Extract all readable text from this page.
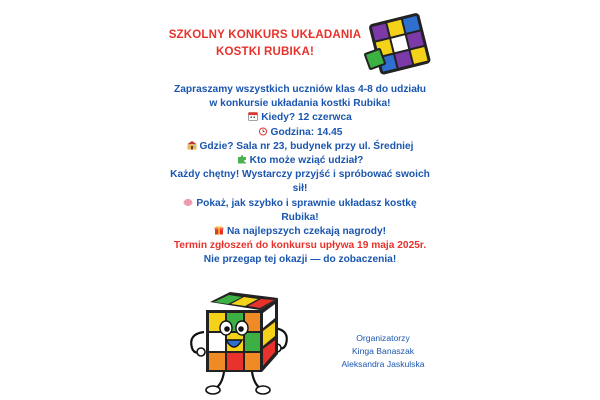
SZKOLNY KONKURS UKŁADANIA
KOSTKI RUBIKA!
Zapraszamy wszystkich uczniów klas 4-8 do udziału
w konkursie układania kostki Rubika!
Kiedy? 12 czerwca
Godzina: 14.45
Gdzie? Sala nr 23, budynek przy ul. Średniej
Kto może wziąć udział?
Każdy chętny! Wystarczy przyjść i spróbować swoich
sił!
Pokaż, jak szybko i sprawnie układasz kostkę
Rubika!
Na najlepszych czekają nagrody!
Termin zgłoszeń do konkursu upływa 19 maja 2025r.
Nie przegap tej okazji — do zobaczenia!
Organizatorzy
Kinga Banaszak
Aleksandra Jaskulska
